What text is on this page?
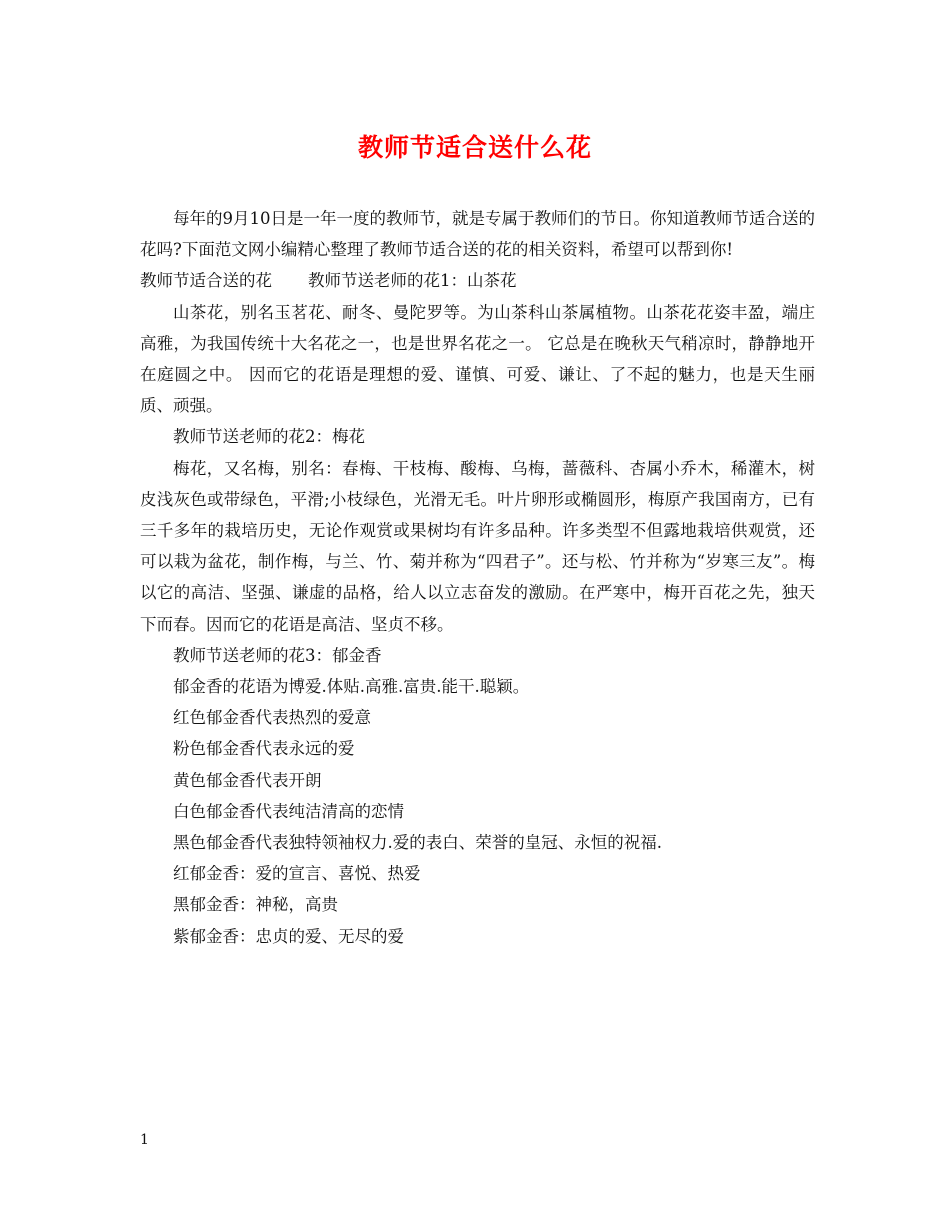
教师节适合送什么花

每年的9月10日是一年一度的教师节，就是专属于教师们的节日。你知道教师节适合送的花吗?下面范文网小编精心整理了教师节适合送的花的相关资料，希望可以帮到你!

教师节适合送的花 教师节送老师的花1：山茶花

山茶花，别名玉茗花、耐冬、曼陀罗等。为山茶科山茶属植物。山茶花花姿丰盈，端庄高雅，为我国传统十大名花之一，也是世界名花之一。 它总是在晚秋天气稍凉时，静静地开在庭圆之中。 因而它的花语是理想的爱、谨慎、可爱、谦让、了不起的魅力，也是天生丽质、顽强。

教师节送老师的花2：梅花

梅花，又名梅，别名：春梅、干枝梅、酸梅、乌梅，蔷薇科、杏属小乔木，稀灌木，树皮浅灰色或带绿色，平滑;小枝绿色，光滑无毛。叶片卵形或椭圆形，梅原产我国南方，已有三千多年的栽培历史，无论作观赏或果树均有许多品种。许多类型不但露地栽培供观赏，还可以栽为盆花，制作梅，与兰、竹、菊并称为“四君子”。还与松、竹并称为“岁寒三友”。梅以它的高洁、坚强、谦虚的品格，给人以立志奋发的激励。在严寒中，梅开百花之先，独天下而春。因而它的花语是高洁、坚贞不移。

教师节送老师的花3：郁金香

郁金香的花语为博爱.体贴.高雅.富贵.能干.聪颖。

红色郁金香代表热烈的爱意

粉色郁金香代表永远的爱

黄色郁金香代表开朗

白色郁金香代表纯洁清高的恋情

黑色郁金香代表独特领袖权力.爱的表白、荣誉的皇冠、永恒的祝福.

红郁金香：爱的宣言、喜悦、热爱

黑郁金香：神秘，高贵

紫郁金香：忠贞的爱、无尽的爱

1
